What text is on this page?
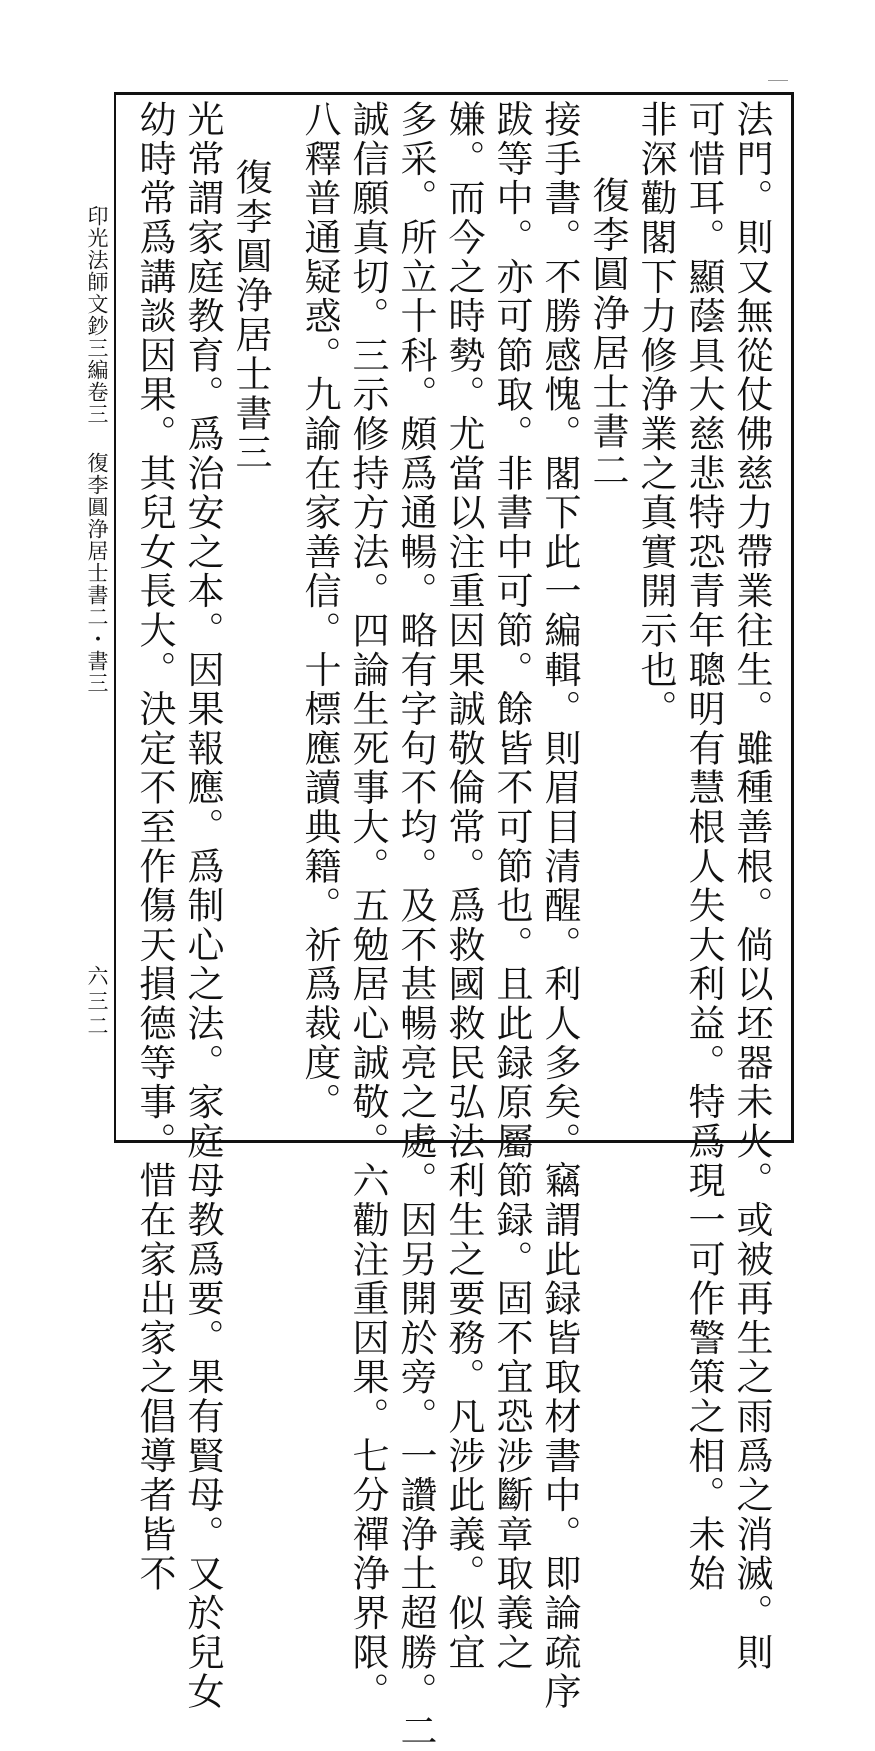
法門。則又無從仗佛慈力帶業往生。雖種善根。倘以坯器未火。或被再生之雨爲之消滅。則
可惜耳。顯蔭具大慈悲特恐青年聰明有慧根人失大利益。特爲現一可作警策之相。未始
非深勸閣下力修浄業之真實開示也。
復李圓浄居士書二
接手書。不勝感愧。閣下此一編輯。則眉目清醒。利人多矣。竊謂此録皆取材書中。即論疏序
跋等中。亦可節取。非書中可節。餘皆不可節也。且此録原屬節録。固不宜恐涉斷章取義之
嫌。而今之時勢。尤當以注重因果誠敬倫常。爲救國救民弘法利生之要務。凡涉此義。似宜
多采。所立十科。頗爲通暢。略有字句不均。及不甚暢亮之處。因另開於旁。一讚浄土超勝。二
誠信願真切。三示修持方法。四論生死事大。五勉居心誠敬。六勸注重因果。七分禪浄界限。
八釋普通疑惑。九諭在家善信。十標應讀典籍。祈爲裁度。
復李圓浄居士書三
光常謂家庭教育。爲治安之本。因果報應。爲制心之法。家庭母教爲要。果有賢母。又於兒女
幼時常爲講談因果。其兒女長大。決定不至作傷天損德等事。惜在家出家之倡導者皆不
印光法師文鈔三編卷三
復李圓浄居士書二・書三
六三二
